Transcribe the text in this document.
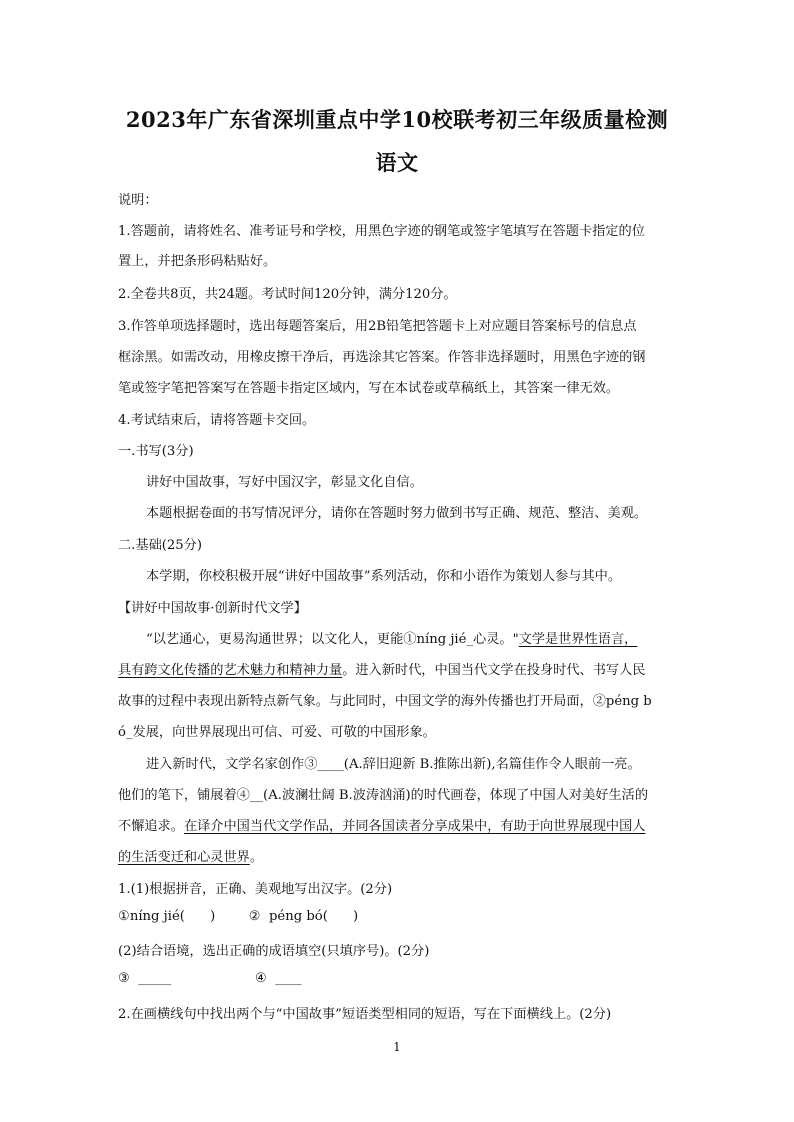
2023年广东省深圳重点中学10校联考初三年级质量检测
语文
说明：
1.答题前，请将姓名、准考证号和学校，用黑色字迹的钢笔或签字笔填写在答题卡指定的位
置上，并把条形码粘贴好。
2.全卷共8页，共24题。考试时间120分钟，满分120分。
3.作答单项选择题时，选出每题答案后，用2B铅笔把答题卡上对应题目答案标号的信息点
框涂黑。如需改动，用橡皮擦干净后，再选涂其它答案。作答非选择题时，用黑色字迹的钢
笔或签字笔把答案写在答题卡指定区域内，写在本试卷或草稿纸上，其答案一律无效。
4.考试结束后，请将答题卡交回。
一.书写(3分)
讲好中国故事，写好中国汉字，彰显文化自信。
本题根据卷面的书写情况评分，请你在答题时努力做到书写正确、规范、整洁、美观。
二.基础(25分)
本学期，你校积极开展“讲好中国故事”系列活动，你和小语作为策划人参与其中。
【讲好中国故事·创新时代文学】
“以艺通心，更易沟通世界；以文化人，更能①níng jié_心灵。"文学是世界性语言，
具有跨文化传播的艺术魅力和精神力量。进入新时代，中国当代文学在投身时代、书写人民
故事的过程中表现出新特点新气象。与此同时，中国文学的海外传播也打开局面，②péng b
ó_发展，向世界展现出可信、可爱、可敬的中国形象。
进入新时代，文学名家创作③____(A.辞旧迎新 B.推陈出新),名篇佳作令人眼前一亮。
他们的笔下，铺展着④__(A.波澜壮阔 B.波涛汹涌)的时代画卷，体现了中国人对美好生活的
不懈追求。在译介中国当代文学作品，并同各国读者分享成果中，有助于向世界展现中国人
的生活变迁和心灵世界。
1.(1)根据拼音，正确、美观地写出汉字。(2分)
①níng jié(      )        ②  péng bó(      )
(2)结合语境，选出正确的成语填空(只填序号)。(2分)
③  _____                    ④  ____
2.在画横线句中找出两个与“中国故事”短语类型相同的短语，写在下面横线上。(2分)
1
